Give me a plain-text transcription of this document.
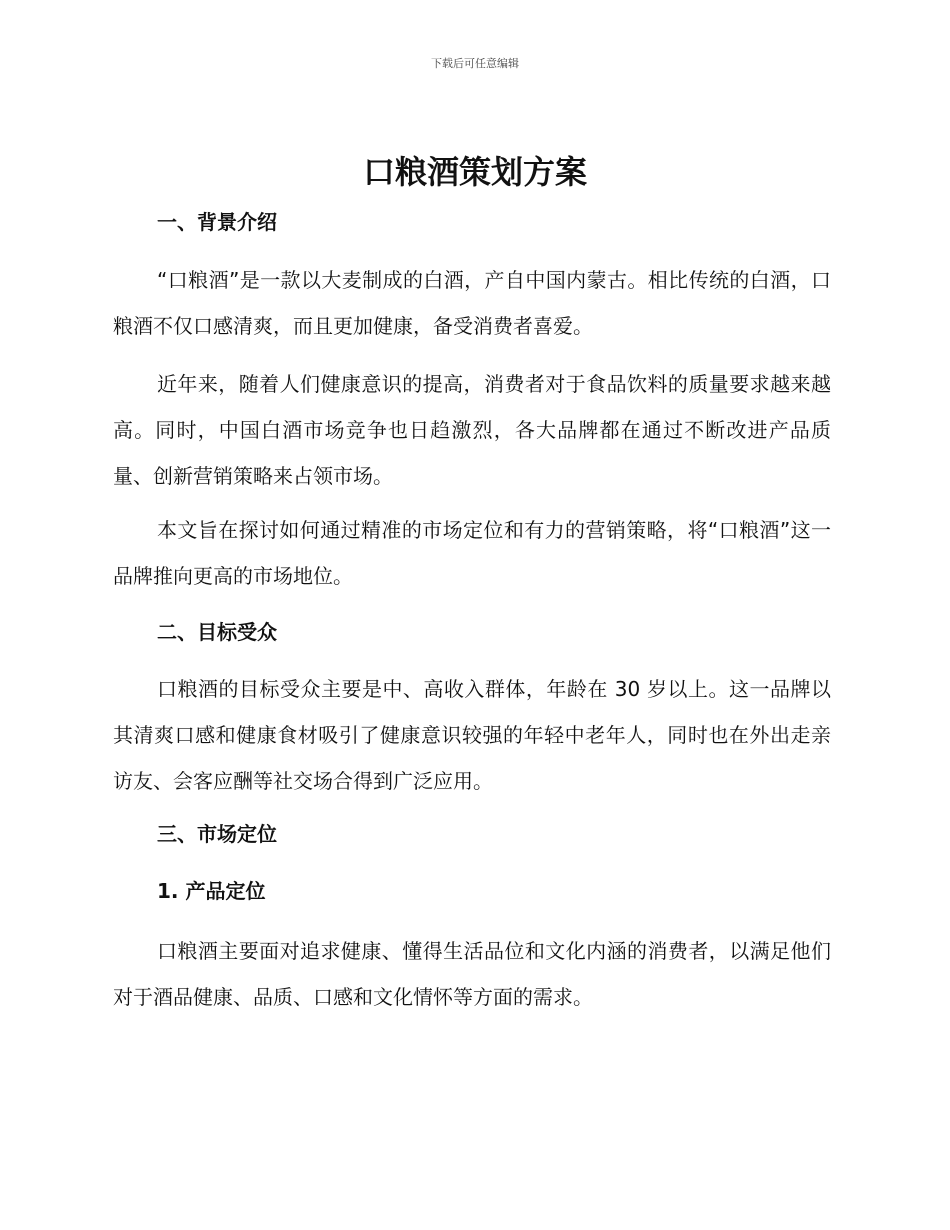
下载后可任意编辑
口粮酒策划方案
一、背景介绍

“口粮酒”是一款以大麦制成的白酒，产自中国内蒙古。相比传统的白酒，口粮酒不仅口感清爽，而且更加健康，备受消费者喜爱。

近年来，随着人们健康意识的提高，消费者对于食品饮料的质量要求越来越高。同时，中国白酒市场竞争也日趋激烈，各大品牌都在通过不断改进产品质量、创新营销策略来占领市场。

本文旨在探讨如何通过精准的市场定位和有力的营销策略，将“口粮酒”这一品牌推向更高的市场地位。

二、目标受众

口粮酒的目标受众主要是中、高收入群体，年龄在 30 岁以上。这一品牌以其清爽口感和健康食材吸引了健康意识较强的年轻中老年人，同时也在外出走亲访友、会客应酬等社交场合得到广泛应用。

三、市场定位
1. 产品定位

口粮酒主要面对追求健康、懂得生活品位和文化内涵的消费者，以满足他们对于酒品健康、品质、口感和文化情怀等方面的需求。
